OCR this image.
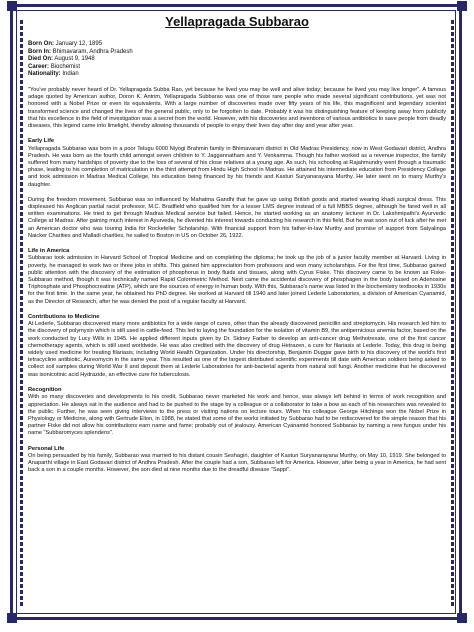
Yellapragada Subbarao
Born On: January 12, 1895
Born In: Bhimavaram, Andhra Pradesh
Died On: August 9, 1948
Career: Biochemist
Nationality: Indian

"You've probably never heard of Dr. Yellapragada Subba Rao, yet because he lived you may be well and alive today; because he lived you may live longer". A famous adage quoted by American author, Doron K. Antrim, Yellapragada Subbarao was one of those rare people who made several significant contributions, yet was not honored with a Nobel Prize or even its equivalents. With a large number of discoveries made over fifty years of his life, this magnificent and legendary scientist transformed science and changed the lives of the general public, only to be forgotten to date. Probably it was his distinguishing feature of keeping away from publicity that his excellence in the field of investigation was a secret from the world. However, with his discoveries and inventions of various antibiotics to save people from deadly diseases, this legend came into limelight, thereby allowing thousands of people to enjoy their lives day after day and year after year.

Early Life

Yellapragada Subbarao was born in a poor Telugu 6000 Niyogi Brahmin family in Bhimavaram district in Old Madras Presidency, now in West Godavari district, Andhra Pradesh. He was born as the fourth child amongst seven children to Y. Jaggannatham and Y. Venkamma. Though his father worked as a revenue inspector, the family suffered from many hardships of poverty due to the loss of several of his close relatives at a young age. As such, his schooling at Rajahmundry went through a traumatic phase, leading to his completion of matriculation in the third attempt from Hindu High School in Madras. He attained his intermediate education from Presidency College and took admission in Madras Medical College, his education being financed by his friends and Kasturi Suryanarayana Murthy. He later went on to marry Murthy's daughter.

During the freedom movement, Subbarao was so influenced by Mahatma Gandhi that he gave up using British goods and started wearing khadi surgical dress. This displeased his Anglican partial racist professor, M.C. Bradfield who qualified him for a lesser LMS degree instead of a full MBBS degree, although he fared well in all written examinations. He tried to get through Madras Medical service but failed. Hence, he started working as an anatomy lecturer in Dr. Lakshmipathi's Ayurvedic College at Madras. After gaining much interest in Ayurveda, he diverted his interest towards conducting his research in this field. But he was soon out of luck after he met an American doctor who was touring India for Rockefeller Scholarship. With financial support from his father-in-law Murthy and promise of support from Satyalinga Naicker Charities and Malladi charities, he sailed to Boston in US on October 26, 1922.

Life in America

Subbarao took admission in Harvard School of Tropical Medicine and on completing the diploma; he took up the job of a junior faculty member at Harvard. Living in poverty, he managed to work two or three jobs in shifts. This gained him appreciation from professors and won many scholarships. For the first time, Subbarao gained public attention with the discovery of the estimation of phosphorus in body fluids and tissues, along with Cyrus Fiske. This discovery came to be known as Fiske-Subbarao method, though it was technically named Rapid Colorimetric Method. Next came the accidental discovery of phosphagen in the body based on Adenosine Triphosphate and Phosphocreatine (ATP), which are the sources of energy in human body. With this, Subbarao's name was listed in the biochemistry textbooks in 1930s for the first time. In the same year, he obtained his PhD degree. He worked at Harvard till 1940 and later joined Lederle Laboratories, a division of American Cyanamid, as the Director of Research, after he was denied the post of a regular faculty at Harvard.

Contributions to Medicine

At Lederle, Subbarao discovered many more antibiotics for a wide range of cures, other than the already discovered penicillin and streptomycin. His research led him to the discovery of polymyxin which is still used in cattle-feed. This led to laying the foundation for the isolation of vitamin B9, the antipernicious anemia factor, based on the work conducted by Lucy Wills in 1945. He applied different inputs given by Dr. Sidney Farber to develop an anti-cancer drug Methotrexate, one of the first cancer chemotherapy agents, which is still used worldwide. He was also credited with the discovery of drug Hetrazen, a cure for filariasis at Lederle. Today, this drug is being widely used medicine for treating filariasis, including World Health Organization. Under his directorship, Benjamin Duggar gave birth to his discovery of the world's first tetracycline antibiotic, Aureomycin in the same year. This resulted as one of the largest distributed scientific experiments till date with American soldiers being asked to collect soil samples during World War II and deposit them at Lederle Laboratories for anti-bacterial agents from natural soil fungi. Another medicine that he discovered was isonicotinic acid Hydrazide, an effective cure for tuberculosis.

Recognition

With so many discoveries and developments to his credit, Subbarao never marketed his work and hence, was always left behind in terms of work recognition and appreciation. He always sat in the audience and had to be pushed to the stage by a colleague or a collaborator to take a bow as each of his researches was revealed to the public. Further, he was seen giving interviews to the press or visiting nations on lecture tours. When his colleague George Hitchings won the Nobel Prize in Physiology or Medicine, along with Gertrude Elion, in 1988, he stated that some of the works initiated by Subbarao had to be rediscovered for the simple reason that his partner Fiske did not allow his contributions earn name and fame; probably out of jealousy. American Cyanamid honored Subbarao by naming a new fungus under his name "Subbaromyces splendens".

Personal Life

On being persuaded by his family, Subbarao was married to his distant cousin Seshagiri, daughter of Kasturi Suryanarayana Murthy, on May 10, 1919. She belonged to Anaparthi village in East Godavari district of Andhra Pradesh. After the couple had a son, Subbarao left for America. However, after being a year in America, he had sent back a son in a couple months. However, the son died at nine months due to the dreadful disease "Sappi".
